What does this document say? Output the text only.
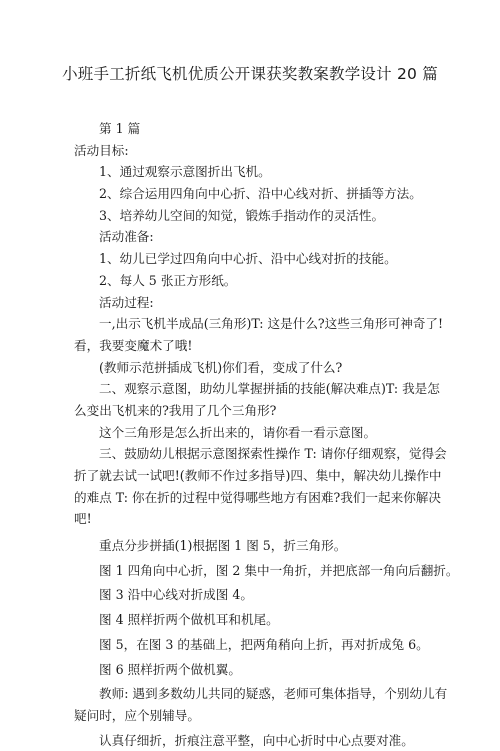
小班手工折纸飞机优质公开课获奖教案教学设计 20 篇
第 1 篇
活动目标:
1、通过观察示意图折出飞机。
2、综合运用四角向中心折、沿中心线对折、拼插等方法。
3、培养幼儿空间的知觉，锻炼手指动作的灵活性。
活动准备:
1、幼儿已学过四角向中心折、沿中心线对折的技能。
2、每人 5 张正方形纸。
活动过程:
一,出示飞机半成品(三角形)T: 这是什么?这些三角形可神奇了!
看，我要变魔术了哦!
(教师示范拼插成飞机)你们看，变成了什么?
二、观察示意图，助幼儿掌握拼插的技能(解决难点)T: 我是怎
么变出飞机来的?我用了几个三角形?
这个三角形是怎么折出来的，请你看一看示意图。
三、鼓励幼儿根据示意图探索性操作 T: 请你仔细观察，觉得会
折了就去试一试吧!(教师不作过多指导)四、集中，解决幼儿操作中
的难点 T: 你在折的过程中觉得哪些地方有困难?我们一起来你解决
吧!
重点分步拼插(1)根据图 1 图 5，折三角形。
图 1 四角向中心折，图 2 集中一角折，并把底部一角向后翻折。
图 3 沿中心线对折成图 4。
图 4 照样折两个做机耳和机尾。
图 5，在图 3 的基础上，把两角稍向上折，再对折成兔 6。
图 6 照样折两个做机翼。
教师: 遇到多数幼儿共同的疑惑，老师可集体指导，个别幼儿有
疑问时，应个别辅导。
认真仔细折，折痕注意平整，向中心折时中心点要对准。
